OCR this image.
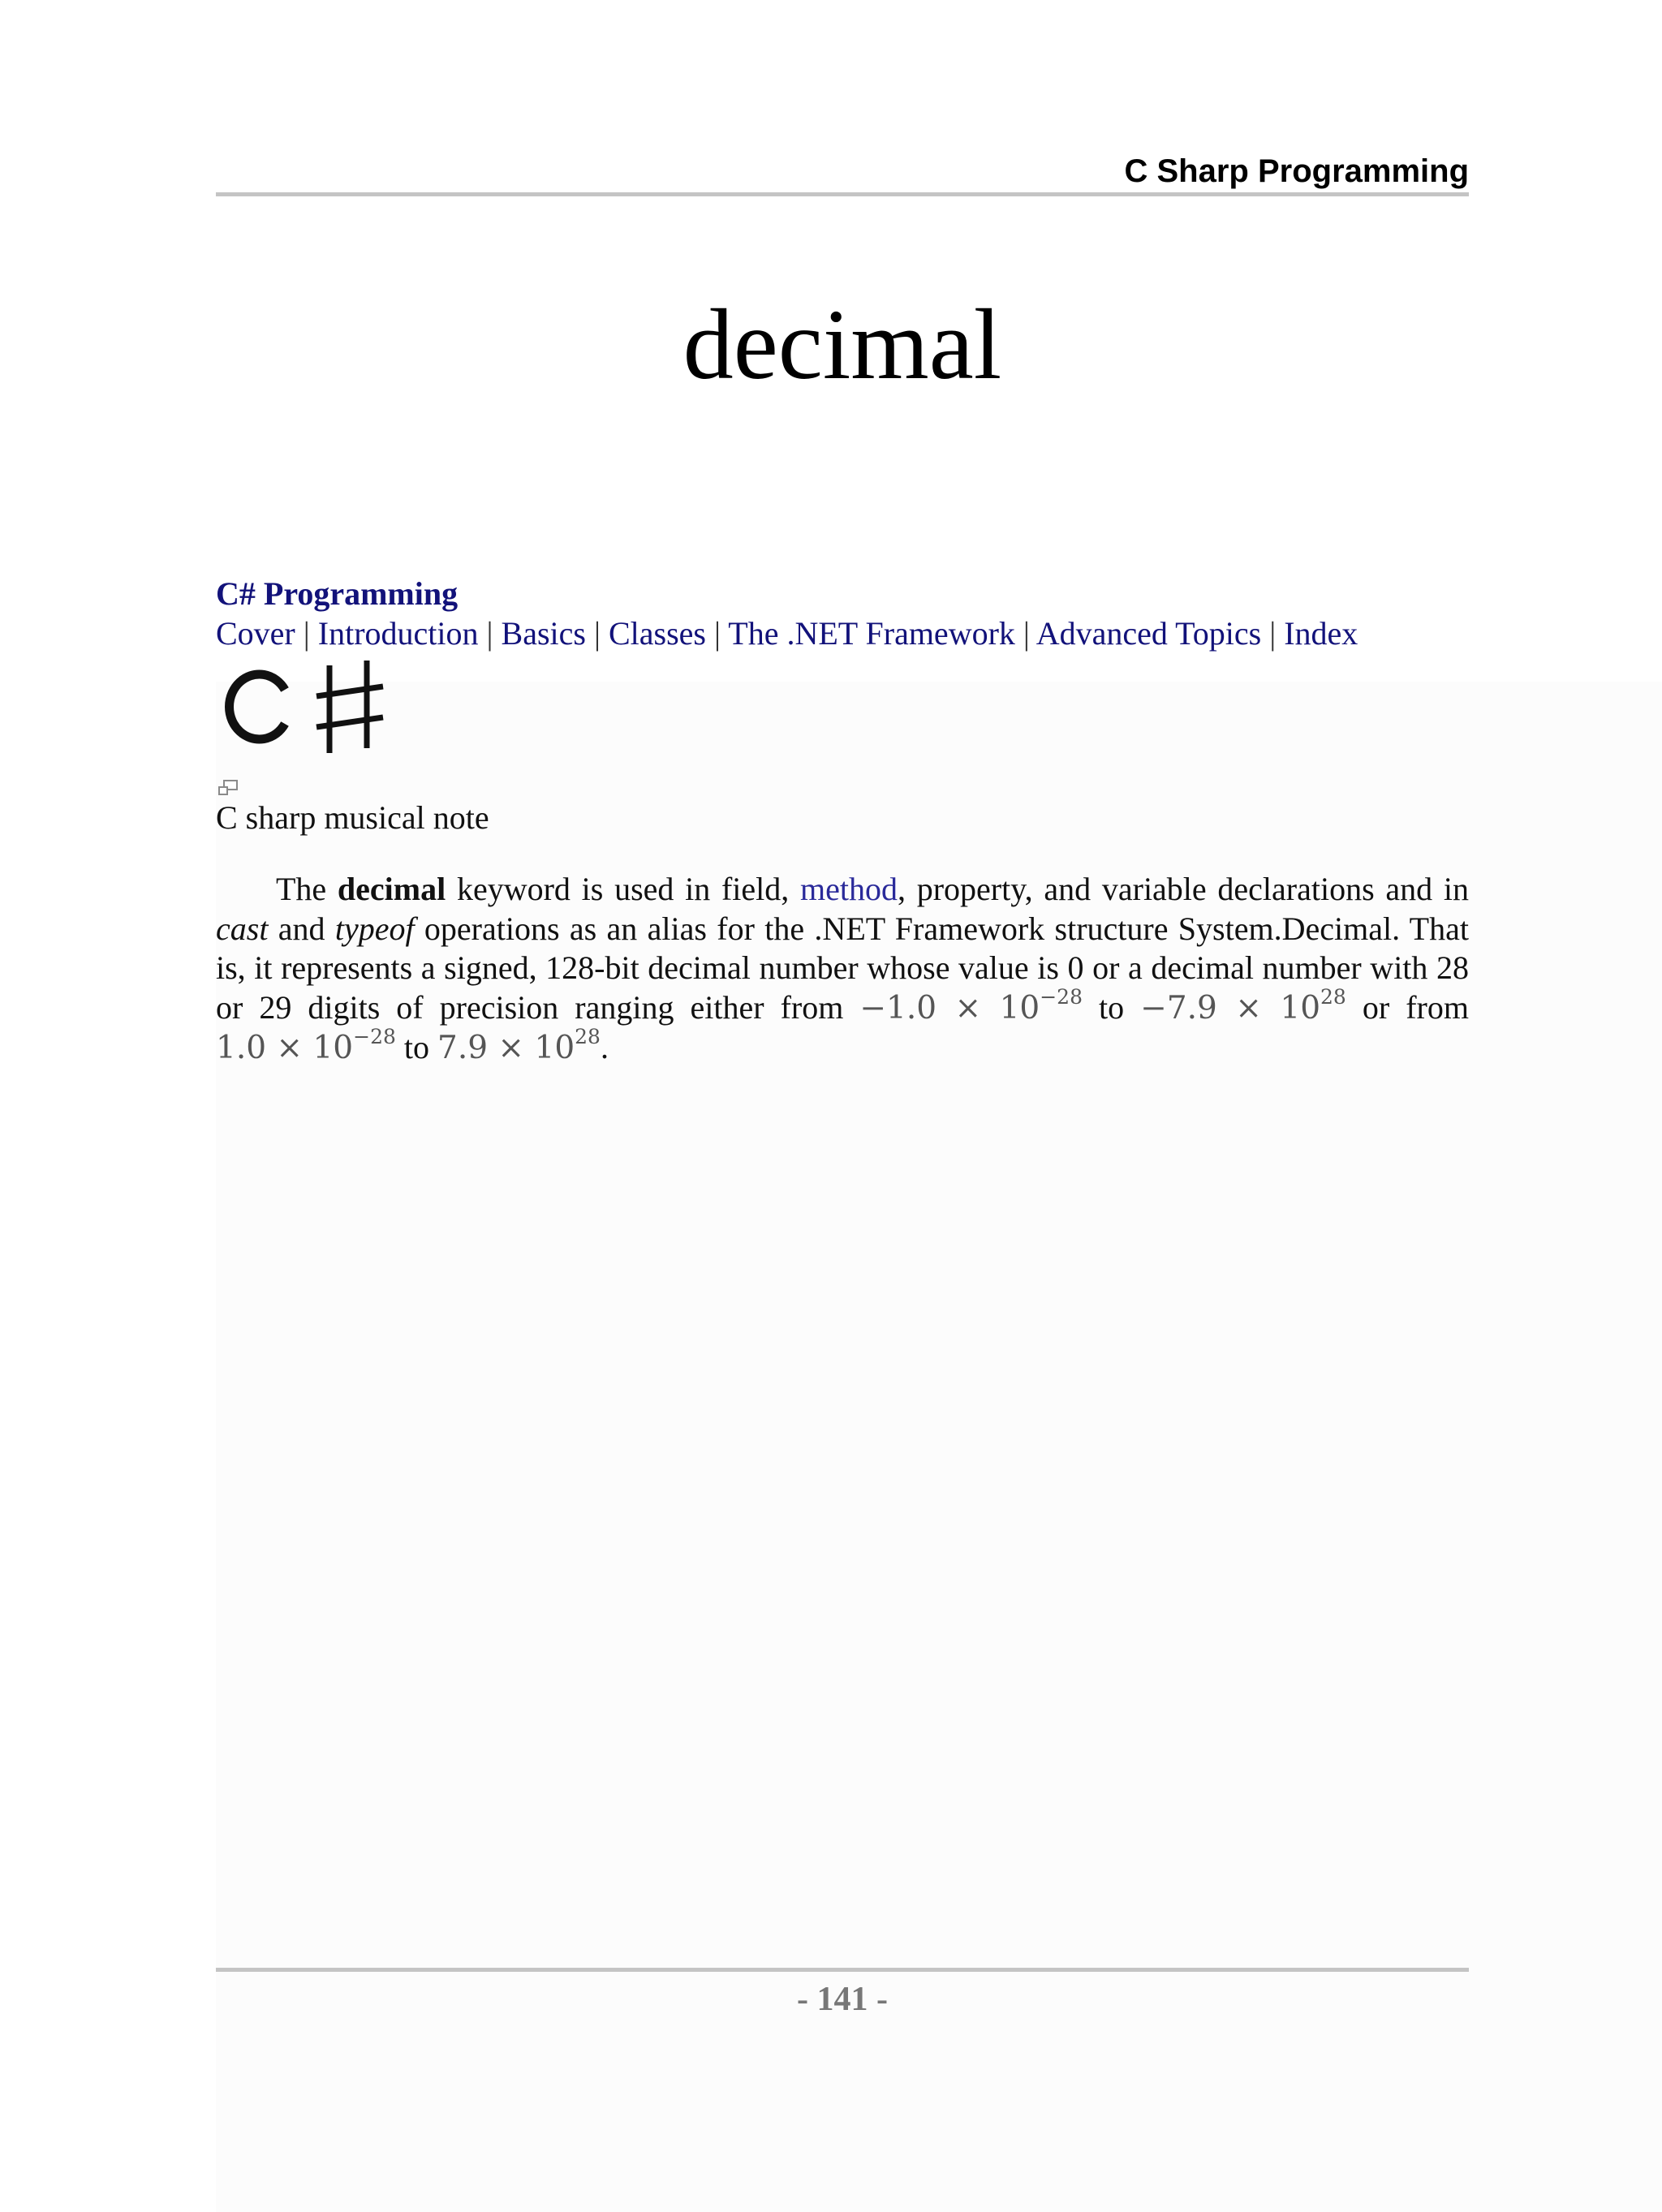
C Sharp Programming
decimal
C# Programming
Cover | Introduction | Basics | Classes | The .NET Framework | Advanced Topics | Index
C sharp musical note

The decimal keyword is used in field, method, property, and variable declarations and in cast and typeof operations as an alias for the .NET Framework structure System.Decimal. That is, it represents a signed, 128-bit decimal number whose value is 0 or a decimal number with 28 or 29 digits of precision ranging either from $-1.0 \times 10^{-28}$ to $-7.9 \times 10^{28}$ or from $1.0 \times 10^{-28}$ to $7.9 \times 10^{28}$.

- 141 -
